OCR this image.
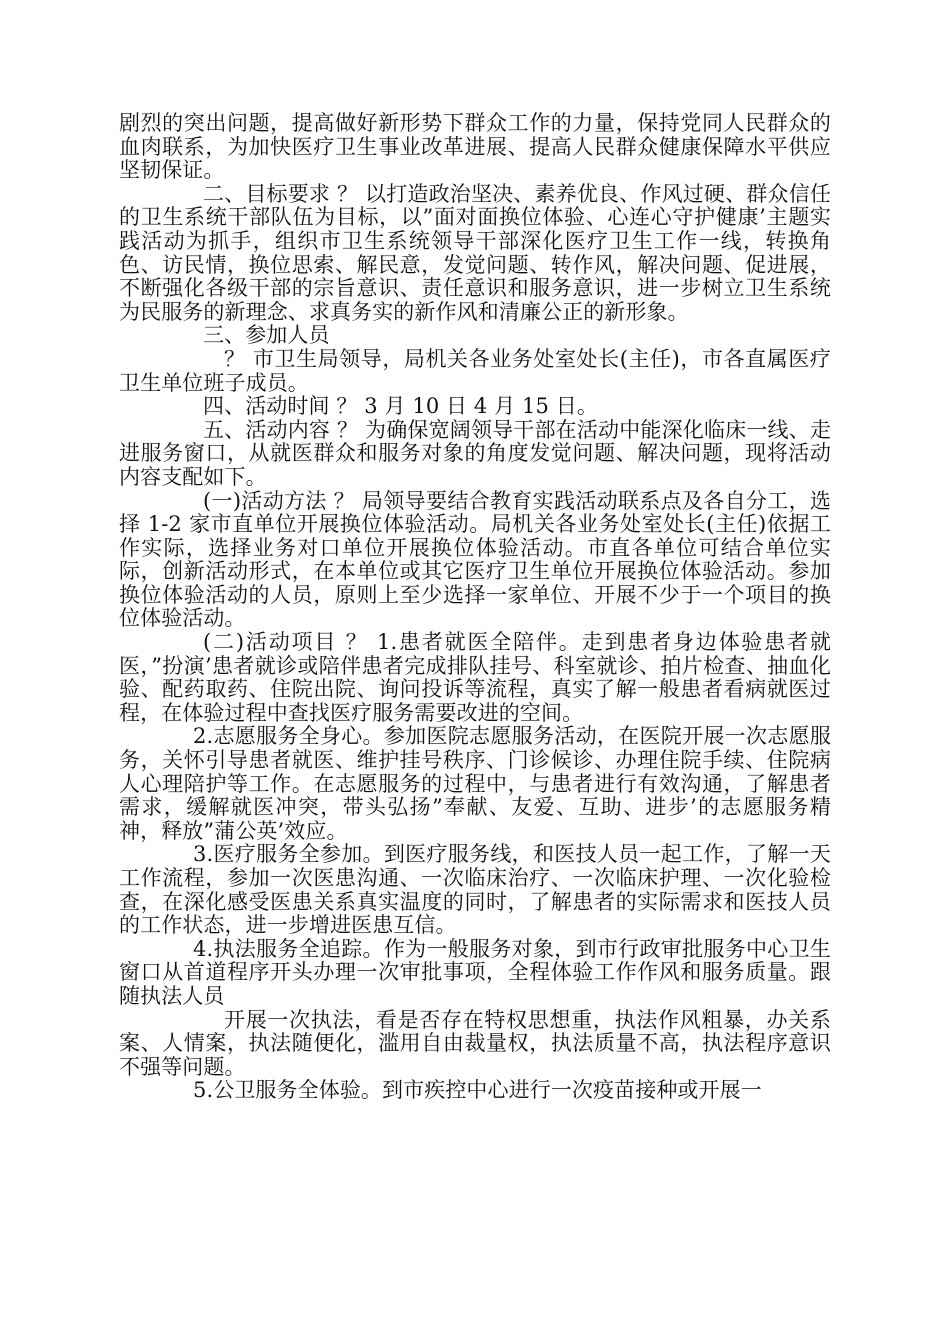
剧烈的突出问题，提高做好新形势下群众工作的力量，保持党同人民群众的血肉联系，为加快医疗卫生事业改革进展、提高人民群众健康保障水平供应坚韧保证。

二、目标要求 ？ 以打造政治坚决、素养优良、作风过硬、群众信任的卫生系统干部队伍为目标，以”面对面换位体验、心连心守护健康’主题实践活动为抓手，组织市卫生系统领导干部深化医疗卫生工作一线，转换角色、访民情，换位思索、解民意，发觉问题、转作风，解决问题、促进展，不断强化各级干部的宗旨意识、责任意识和服务意识，进一步树立卫生系统为民服务的新理念、求真务实的新作风和清廉公正的新形象。

三、参加人员

？ 市卫生局领导，局机关各业务处室处长(主任)，市各直属医疗卫生单位班子成员。

四、活动时间 ？ 3 月 10 日 4 月 15 日。

五、活动内容 ？ 为确保宽阔领导干部在活动中能深化临床一线、走进服务窗口，从就医群众和服务对象的角度发觉问题、解决问题，现将活动内容支配如下。

(一)活动方法 ？ 局领导要结合教育实践活动联系点及各自分工，选择 1-2 家市直单位开展换位体验活动。局机关各业务处室处长(主任)依据工作实际，选择业务对口单位开展换位体验活动。市直各单位可结合单位实际，创新活动形式，在本单位或其它医疗卫生单位开展换位体验活动。参加换位体验活动的人员，原则上至少选择一家单位、开展不少于一个项目的换位体验活动。

(二)活动项目 ？ 1.患者就医全陪伴。走到患者身边体验患者就医，”扮演’患者就诊或陪伴患者完成排队挂号、科室就诊、拍片检查、抽血化验、配药取药、住院出院、询问投诉等流程，真实了解一般患者看病就医过程，在体验过程中查找医疗服务需要改进的空间。

2.志愿服务全身心。参加医院志愿服务活动，在医院开展一次志愿服务，关怀引导患者就医、维护挂号秩序、门诊候诊、办理住院手续、住院病人心理陪护等工作。在志愿服务的过程中，与患者进行有效沟通，了解患者需求，缓解就医冲突，带头弘扬”奉献、友爱、互助、进步’的志愿服务精神，释放”蒲公英’效应。

3.医疗服务全参加。到医疗服务线，和医技人员一起工作，了解一天工作流程，参加一次医患沟通、一次临床治疗、一次临床护理、一次化验检查，在深化感受医患关系真实温度的同时，了解患者的实际需求和医技人员的工作状态，进一步增进医患互信。

4.执法服务全追踪。作为一般服务对象，到市行政审批服务中心卫生窗口从首道程序开头办理一次审批事项，全程体验工作作风和服务质量。跟随执法人员

开展一次执法，看是否存在特权思想重，执法作风粗暴，办关系案、人情案，执法随便化，滥用自由裁量权，执法质量不高，执法程序意识不强等问题。

5.公卫服务全体验。到市疾控中心进行一次疫苗接种或开展一
